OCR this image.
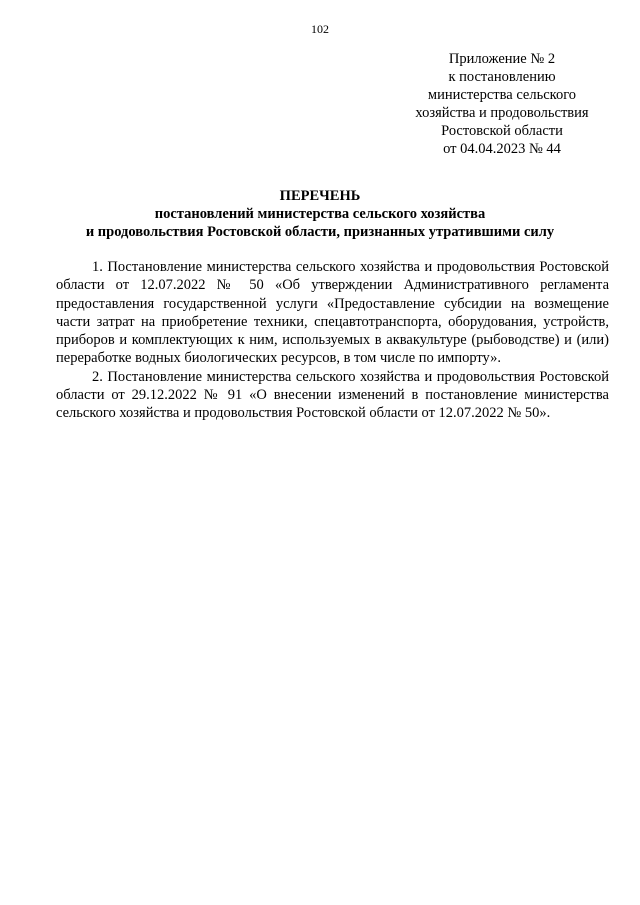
102
Приложение № 2
к постановлению
министерства сельского
хозяйства и продовольствия
Ростовской области
от 04.04.2023 № 44
ПЕРЕЧЕНЬ
постановлений министерства сельского хозяйства
и продовольствия Ростовской области, признанных утратившими силу

1. Постановление министерства сельского хозяйства и продовольствия Ростовской области от 12.07.2022 № 50 «Об утверждении Административного регламента предоставления государственной услуги «Предоставление субсидии на возмещение части затрат на приобретение техники, спецавтотранспорта, оборудования, устройств, приборов и комплектующих к ним, используемых в аквакультуре (рыбоводстве) и (или) переработке водных биологических ресурсов, в том числе по импорту».

2. Постановление министерства сельского хозяйства и продовольствия Ростовской области от 29.12.2022 № 91 «О внесении изменений в постановление министерства сельского хозяйства и продовольствия Ростовской области от 12.07.2022 № 50».
